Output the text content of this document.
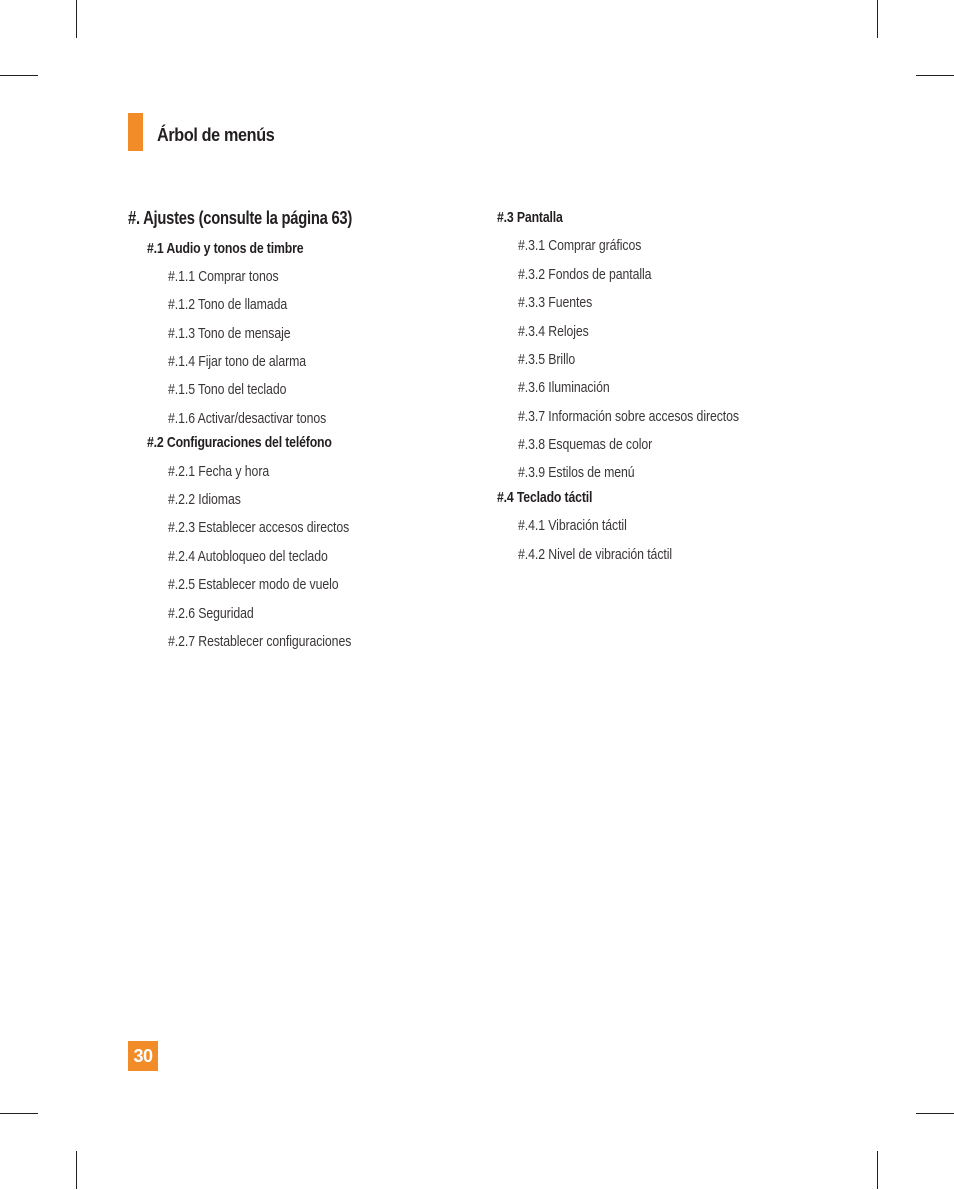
Árbol de menús
#. Ajustes (consulte la página 63)
#.1 Audio y tonos de timbre
#.1.1 Comprar tonos
#.1.2 Tono de llamada
#.1.3 Tono de mensaje
#.1.4 Fijar tono de alarma
#.1.5 Tono del teclado
#.1.6 Activar/desactivar tonos
#.2 Configuraciones del teléfono
#.2.1 Fecha y hora
#.2.2 Idiomas
#.2.3 Establecer accesos directos
#.2.4 Autobloqueo del teclado
#.2.5 Establecer modo de vuelo
#.2.6 Seguridad
#.2.7 Restablecer configuraciones
#.3 Pantalla
#.3.1 Comprar gráficos
#.3.2 Fondos de pantalla
#.3.3 Fuentes
#.3.4 Relojes
#.3.5 Brillo
#.3.6 Iluminación
#.3.7 Información sobre accesos directos
#.3.8 Esquemas de color
#.3.9 Estilos de menú
#.4 Teclado táctil
#.4.1 Vibración táctil
#.4.2 Nivel de vibración táctil
30
